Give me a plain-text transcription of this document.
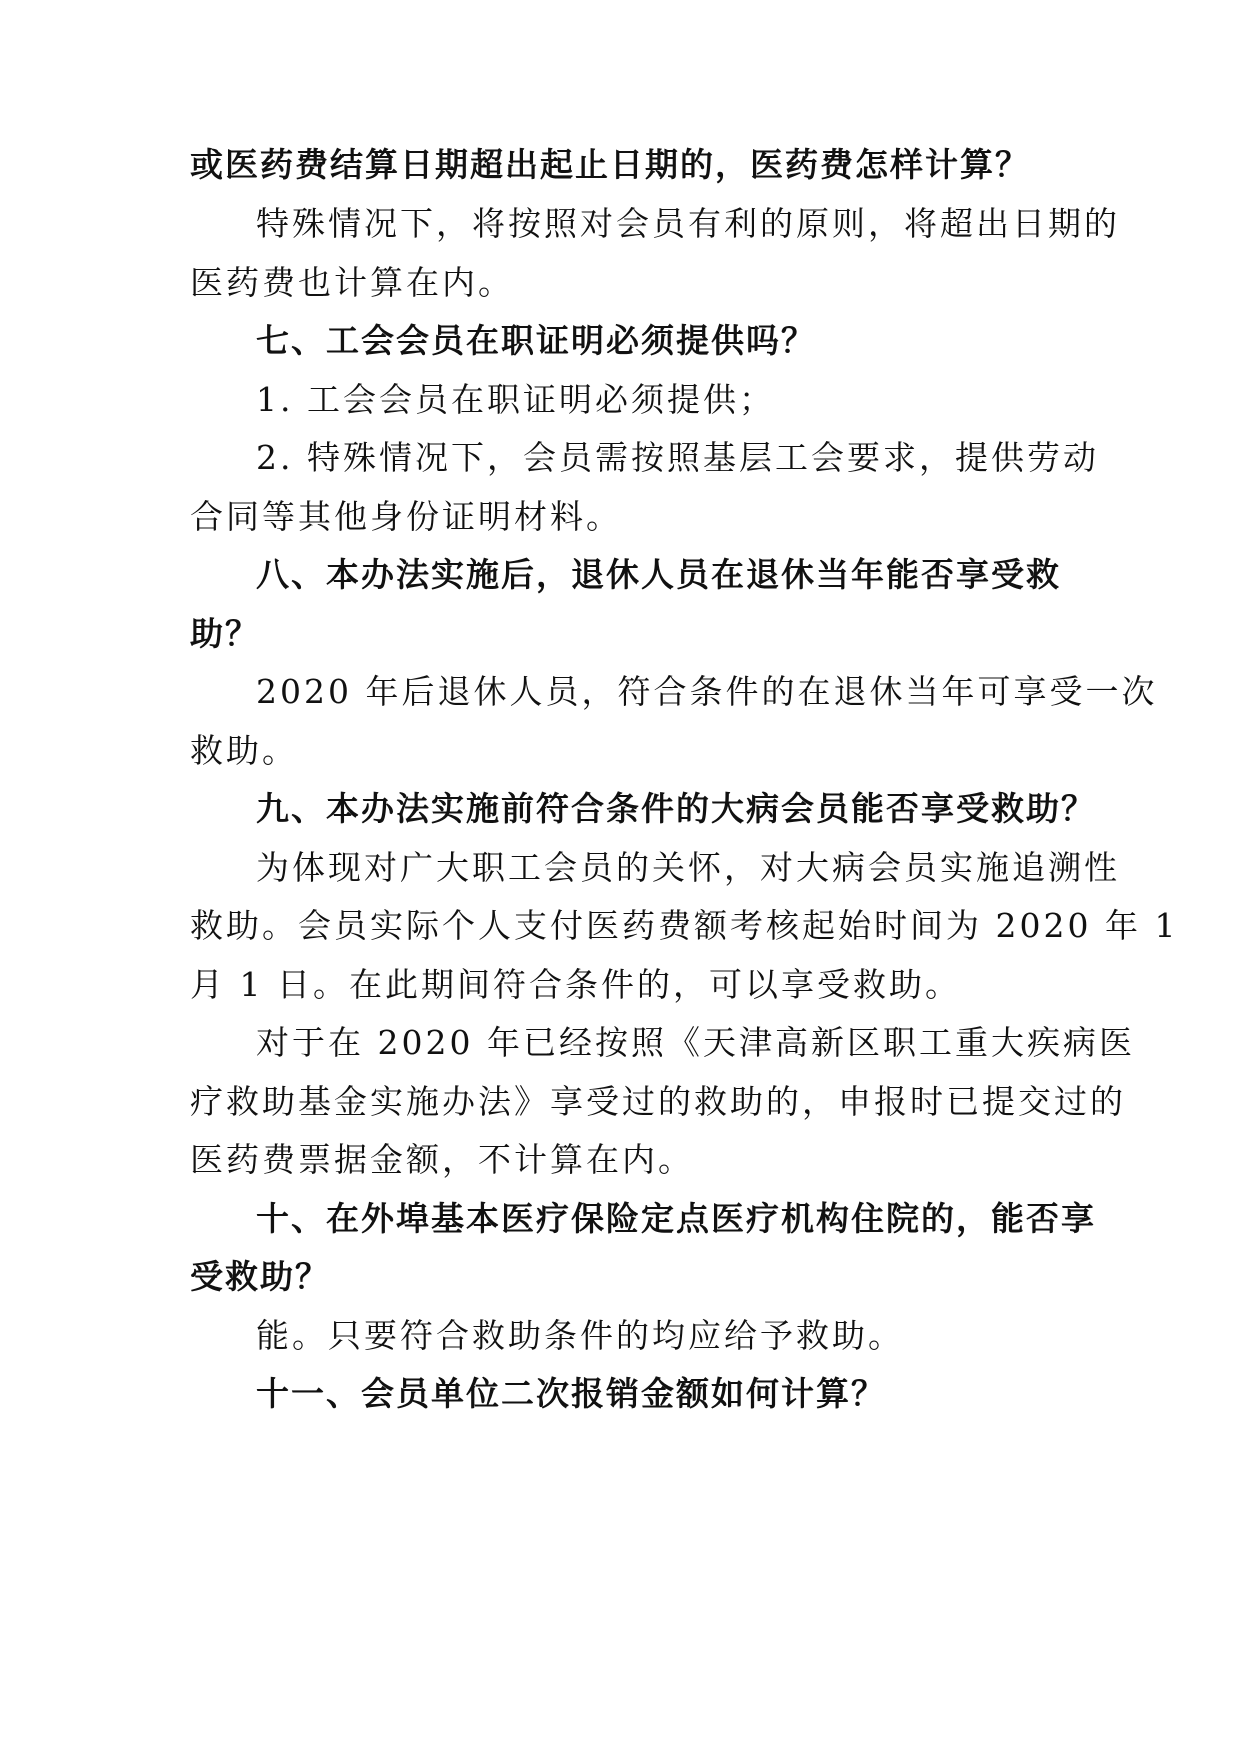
或医药费结算日期超出起止日期的，医药费怎样计算？
特殊情况下，将按照对会员有利的原则，将超出日期的
医药费也计算在内。
七、工会会员在职证明必须提供吗？
1. 工会会员在职证明必须提供；
2. 特殊情况下，会员需按照基层工会要求，提供劳动
合同等其他身份证明材料。
八、本办法实施后，退休人员在退休当年能否享受救
助？
2020 年后退休人员，符合条件的在退休当年可享受一次
救助。
九、本办法实施前符合条件的大病会员能否享受救助？
为体现对广大职工会员的关怀，对大病会员实施追溯性
救助。会员实际个人支付医药费额考核起始时间为 2020 年 1
月 1 日。在此期间符合条件的，可以享受救助。
对于在 2020 年已经按照《天津高新区职工重大疾病医
疗救助基金实施办法》享受过的救助的，申报时已提交过的
医药费票据金额，不计算在内。
十、在外埠基本医疗保险定点医疗机构住院的，能否享
受救助？
能。只要符合救助条件的均应给予救助。
十一、会员单位二次报销金额如何计算？
